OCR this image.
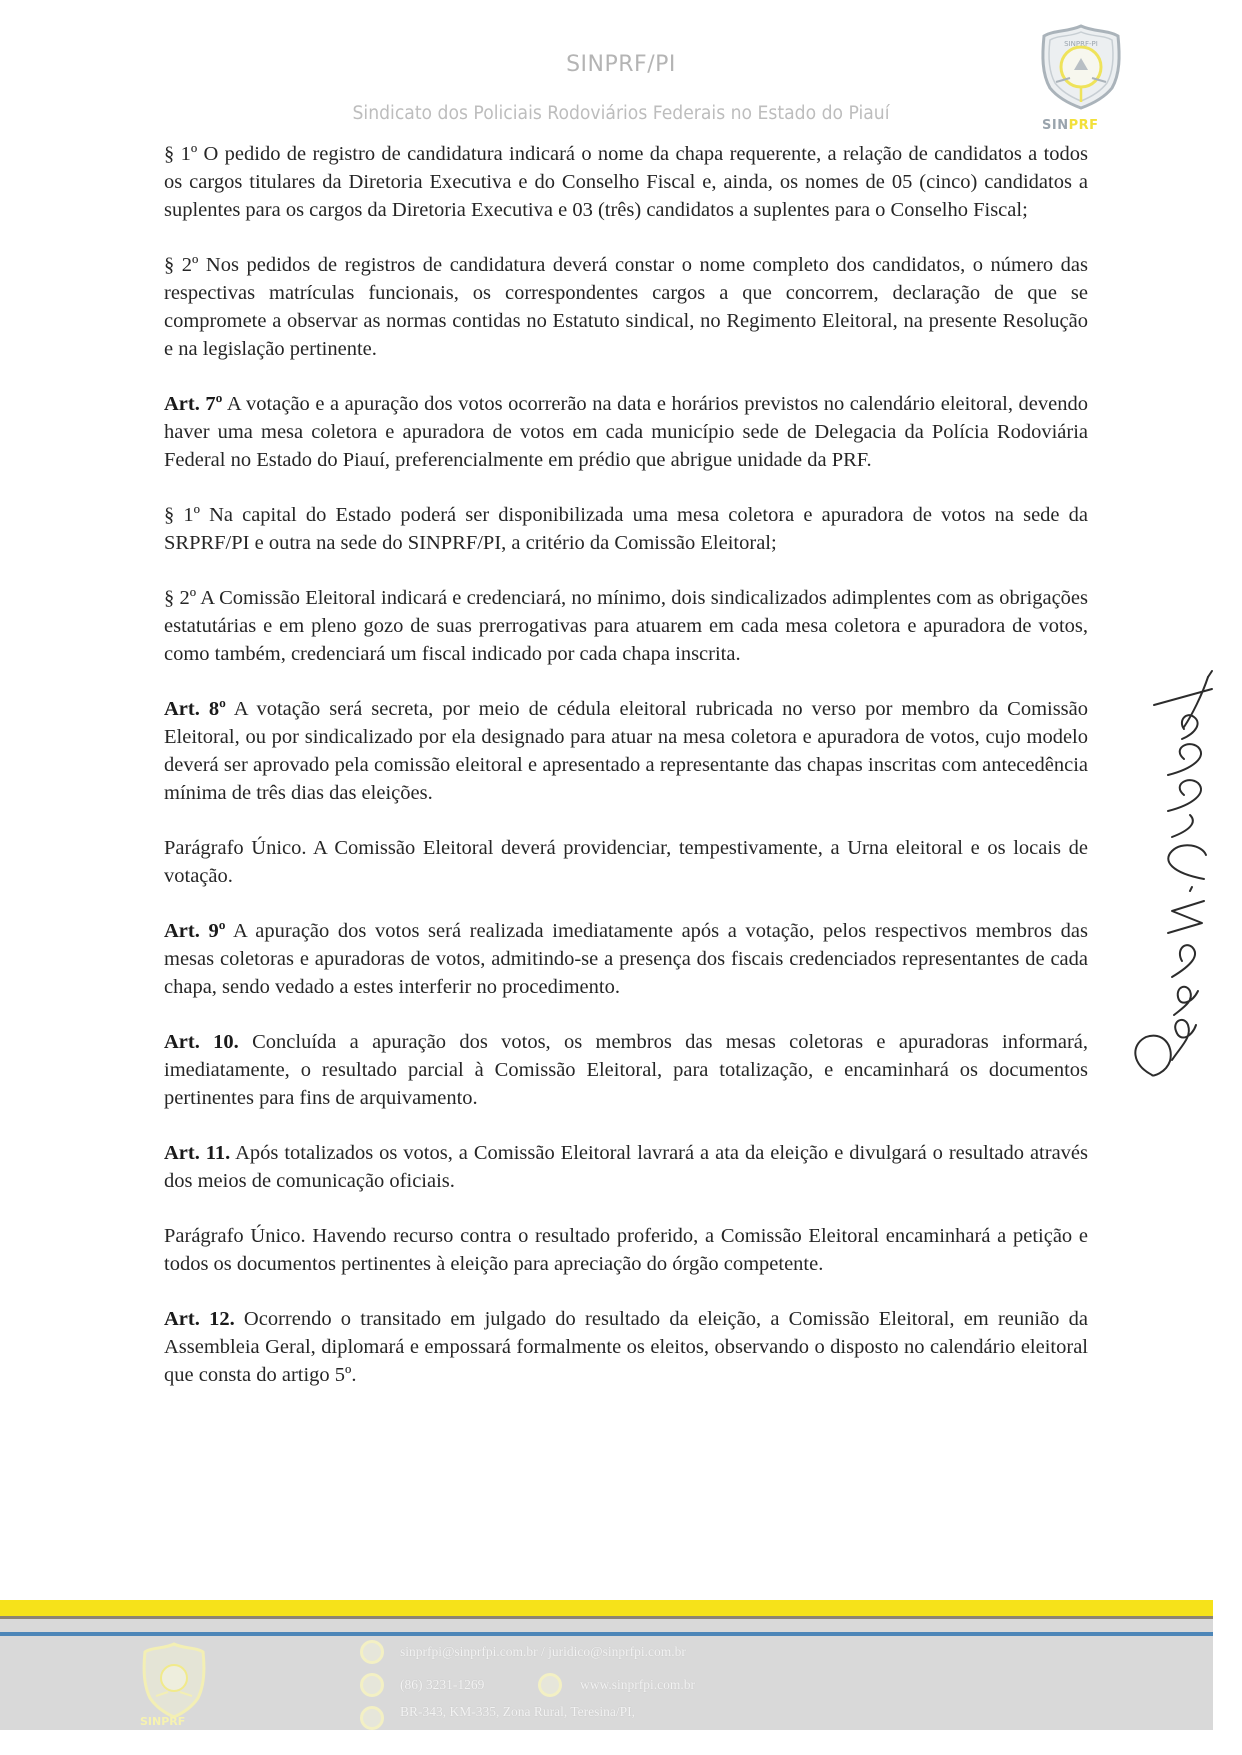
SINPRF/PI
Sindicato dos Policiais Rodoviários Federais no Estado do Piauí
SINPRF-PI
SINPRF

§ 1º O pedido de registro de candidatura indicará o nome da chapa requerente, a relação de candidatos a todos os cargos titulares da Diretoria Executiva e do Conselho Fiscal e, ainda, os nomes de 05 (cinco) candidatos a suplentes para os cargos da Diretoria Executiva e 03 (três) candidatos a suplentes para o Conselho Fiscal;

§ 2º Nos pedidos de registros de candidatura deverá constar o nome completo dos candidatos, o número das respectivas matrículas funcionais, os correspondentes cargos a que concorrem, declaração de que se compromete a observar as normas contidas no Estatuto sindical, no Regimento Eleitoral, na presente Resolução e na legislação pertinente.

Art. 7º A votação e a apuração dos votos ocorrerão na data e horários previstos no calendário eleitoral, devendo haver uma mesa coletora e apuradora de votos em cada município sede de Delegacia da Polícia Rodoviária Federal no Estado do Piauí, preferencialmente em prédio que abrigue unidade da PRF.

§ 1º Na capital do Estado poderá ser disponibilizada uma mesa coletora e apuradora de votos na sede da SRPRF/PI e outra na sede do SINPRF/PI, a critério da Comissão Eleitoral;

§ 2º A Comissão Eleitoral indicará e credenciará, no mínimo, dois sindicalizados adimplentes com as obrigações estatutárias e em pleno gozo de suas prerrogativas para atuarem em cada mesa coletora e apuradora de votos, como também, credenciará um fiscal indicado por cada chapa inscrita.

Art. 8º A votação será secreta, por meio de cédula eleitoral rubricada no verso por membro da Comissão Eleitoral, ou por sindicalizado por ela designado para atuar na mesa coletora e apuradora de votos, cujo modelo deverá ser aprovado pela comissão eleitoral e apresentado a representante das chapas inscritas com antecedência mínima de três dias das eleições.

Parágrafo Único. A Comissão Eleitoral deverá providenciar, tempestivamente, a Urna eleitoral e os locais de votação.

Art. 9º A apuração dos votos será realizada imediatamente após a votação, pelos respectivos membros das mesas coletoras e apuradoras de votos, admitindo-se a presença dos fiscais credenciados representantes de cada chapa, sendo vedado a estes interferir no procedimento.

Art. 10. Concluída a apuração dos votos, os membros das mesas coletoras e apuradoras informará, imediatamente, o resultado parcial à Comissão Eleitoral, para totalização, e encaminhará os documentos pertinentes para fins de arquivamento.

Art. 11. Após totalizados os votos, a Comissão Eleitoral lavrará a ata da eleição e divulgará o resultado através dos meios de comunicação oficiais.

Parágrafo Único. Havendo recurso contra o resultado proferido, a Comissão Eleitoral encaminhará a petição e todos os documentos pertinentes à eleição para apreciação do órgão competente.

Art. 12. Ocorrendo o transitado em julgado do resultado da eleição, a Comissão Eleitoral, em reunião da Assembleia Geral, diplomará e empossará formalmente os eleitos, observando o disposto no calendário eleitoral que consta do artigo 5º.

SINPRF
sinprfpi@sinprfpi.com.br / juridico@sinprfpi.com.br
(86) 3231-1269	www.sinprfpi.com.br
BR-343, KM-335, Zona Rural, Teresina/PI,
